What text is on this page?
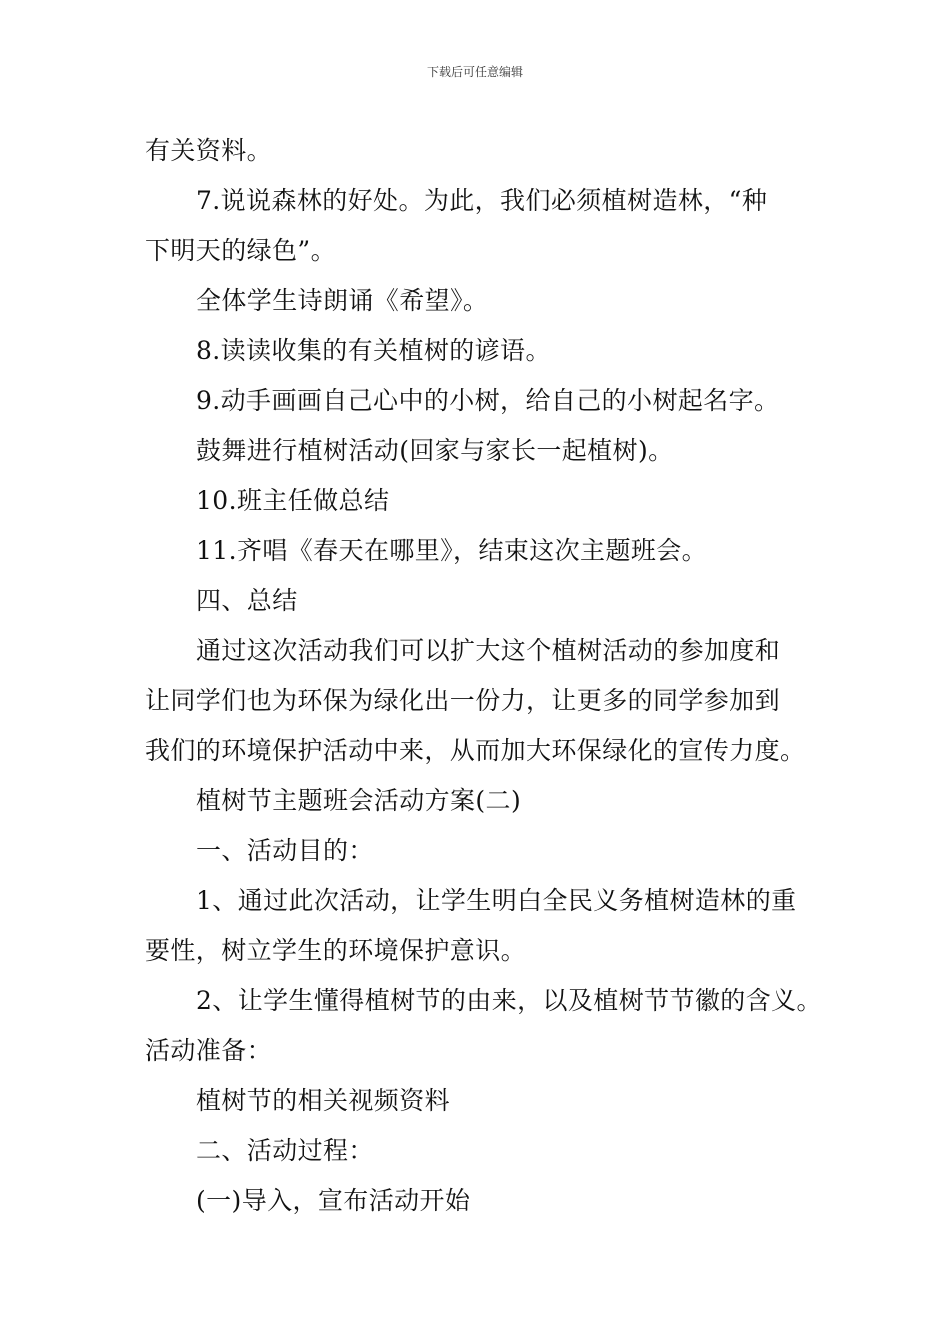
下载后可任意编辑
有关资料。
7.说说森林的好处。为此，我们必须植树造林，“种
下明天的绿色”。
全体学生诗朗诵《希望》。
8.读读收集的有关植树的谚语。
9.动手画画自己心中的小树，给自己的小树起名字。
鼓舞进行植树活动(回家与家长一起植树)。
10.班主任做总结
11.齐唱《春天在哪里》，结束这次主题班会。
四、总结
通过这次活动我们可以扩大这个植树活动的参加度和
让同学们也为环保为绿化出一份力，让更多的同学参加到
我们的环境保护活动中来，从而加大环保绿化的宣传力度。
植树节主题班会活动方案(二)
一、活动目的：
1、通过此次活动，让学生明白全民义务植树造林的重
要性，树立学生的环境保护意识。
2、让学生懂得植树节的由来，以及植树节节徽的含义。
活动准备：
植树节的相关视频资料
二、活动过程：
(一)导入，宣布活动开始
